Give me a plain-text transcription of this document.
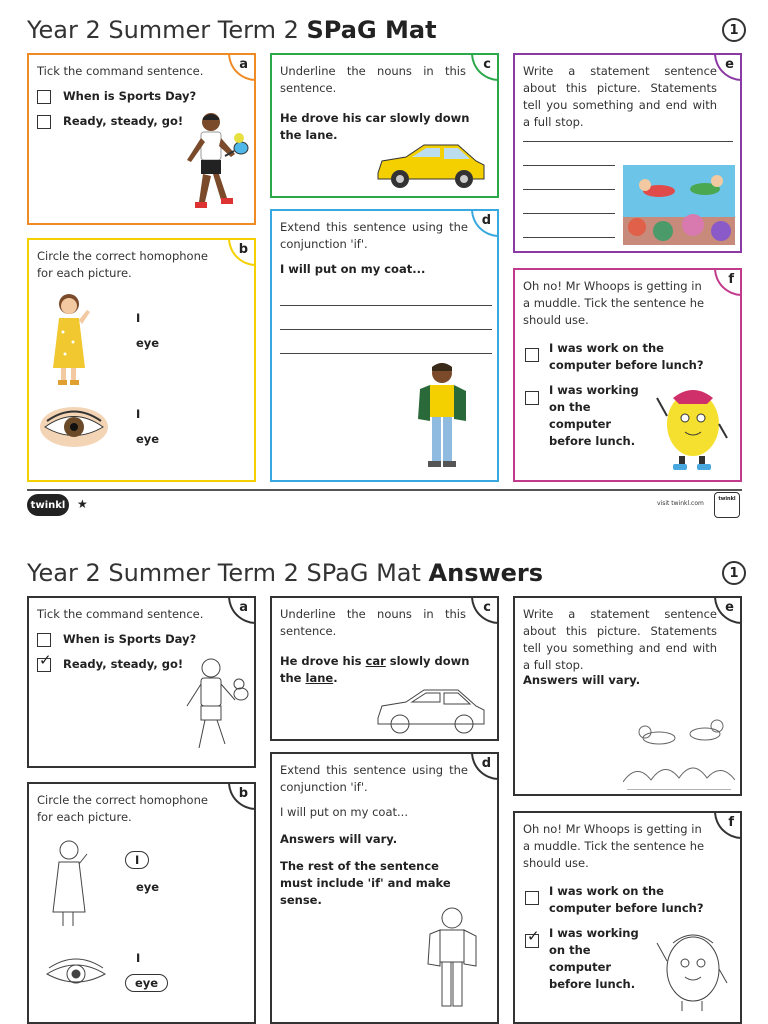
Year 2 Summer Term 2 SPaG Mat	1
a
Tick the command sentence.
When is Sports Day?
Ready, steady, go!
b
Circle the correct homophone for each picture.
I
eye
I
eye
c
Underline the nouns in this sentence.
He drove his car slowly down the lane.
d
Extend this sentence using the conjunction 'if'.
I will put on my coat...
e
Write a statement sentence about this picture. Statements tell you something and end with a full stop.
f
Oh no! Mr Whoops is getting in a muddle. Tick the sentence he should use.
I was work on the computer before lunch?
I was working on the computer before lunch.
twinkl ★	visit twinkl.com
twinkl
Year 2 Summer Term 2 SPaG Mat Answers	1
a
Tick the command sentence.
When is Sports Day?
✓ Ready, steady, go!
b
Circle the correct homophone for each picture.
I
eye
I
eye
c
Underline the nouns in this sentence.
He drove his car slowly down the lane.
d
Extend this sentence using the conjunction 'if'.
I will put on my coat...
Answers will vary.
The rest of the sentence must include 'if' and make sense.
e
Write a statement sentence about this picture. Statements tell you something and end with a full stop.
Answers will vary.
f
Oh no! Mr Whoops is getting in a muddle. Tick the sentence he should use.
I was work on the computer before lunch?
✓ I was working on the computer before lunch.
